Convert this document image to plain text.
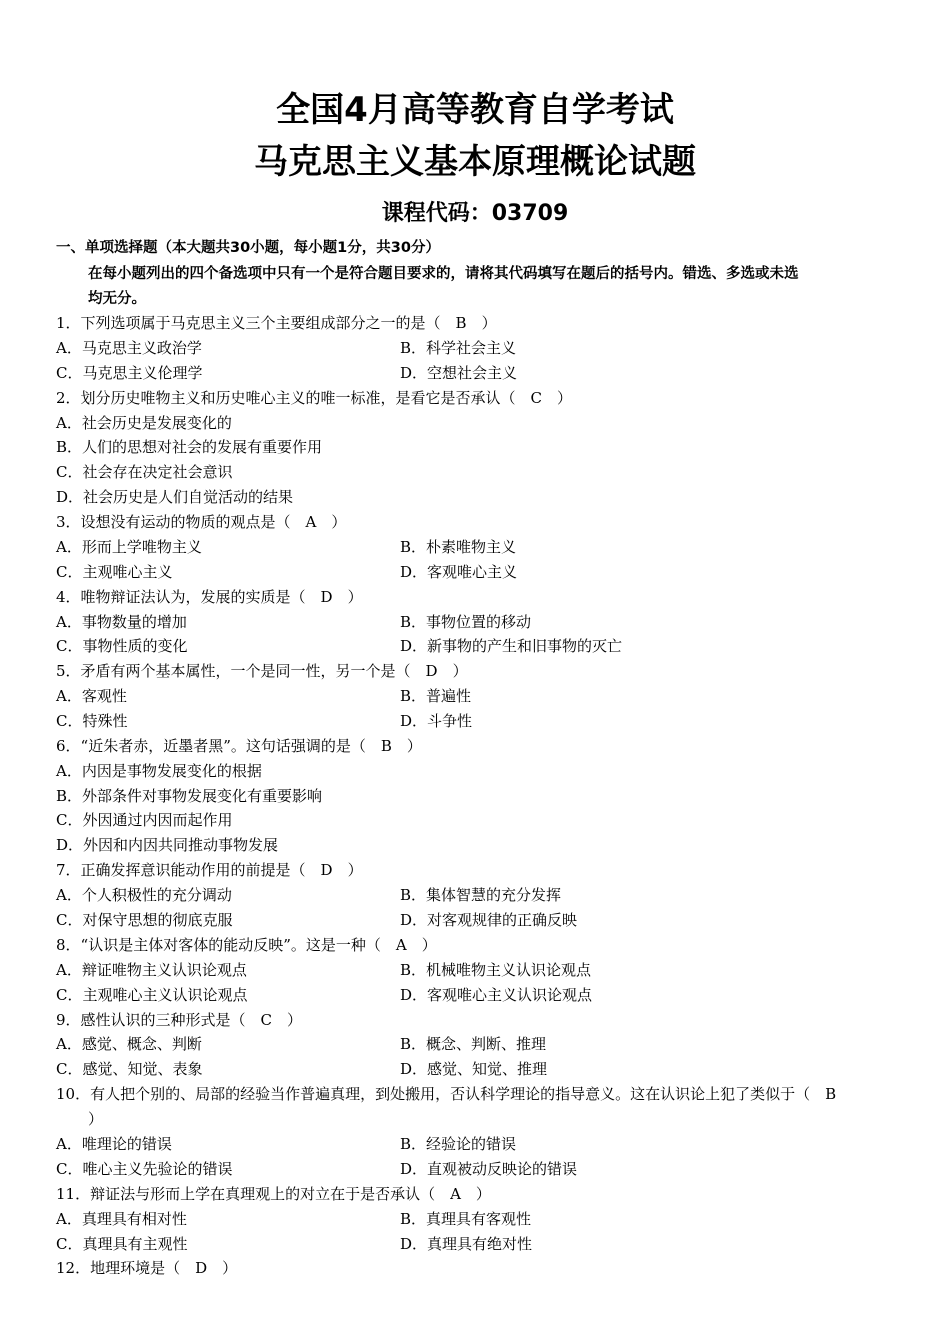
全国4月高等教育自学考试
马克思主义基本原理概论试题
课程代码：03709
一、单项选择题（本大题共30小题，每小题1分，共30分）
在每小题列出的四个备选项中只有一个是符合题目要求的，请将其代码填写在题后的括号内。错选、多选或未选
均无分。
1．下列选项属于马克思主义三个主要组成部分之一的是（　B　）
A．马克思主义政治学	B．科学社会主义
C．马克思主义伦理学	D．空想社会主义
2．划分历史唯物主义和历史唯心主义的唯一标准，是看它是否承认（　C　）
A．社会历史是发展变化的
B．人们的思想对社会的发展有重要作用
C．社会存在决定社会意识
D．社会历史是人们自觉活动的结果
3．设想没有运动的物质的观点是（　A　）
A．形而上学唯物主义	B．朴素唯物主义
C．主观唯心主义	D．客观唯心主义
4．唯物辩证法认为，发展的实质是（　D　）
A．事物数量的增加	B．事物位置的移动
C．事物性质的变化	D．新事物的产生和旧事物的灭亡
5．矛盾有两个基本属性，一个是同一性，另一个是（　D　）
A．客观性	B．普遍性
C．特殊性	D．斗争性
6．“近朱者赤，近墨者黑”。这句话强调的是（　B　）
A．内因是事物发展变化的根据
B．外部条件对事物发展变化有重要影响
C．外因通过内因而起作用
D．外因和内因共同推动事物发展
7．正确发挥意识能动作用的前提是（　D　）
A．个人积极性的充分调动	B．集体智慧的充分发挥
C．对保守思想的彻底克服	D．对客观规律的正确反映
8．“认识是主体对客体的能动反映”。这是一种（　A　）
A．辩证唯物主义认识论观点	B．机械唯物主义认识论观点
C．主观唯心主义认识论观点	D．客观唯心主义认识论观点
9．感性认识的三种形式是（　C　）
A．感觉、概念、判断	B．概念、判断、推理
C．感觉、知觉、表象	D．感觉、知觉、推理
10．有人把个别的、局部的经验当作普遍真理，到处搬用，否认科学理论的指导意义。这在认识论上犯了类似于（　B
）
A．唯理论的错误	B．经验论的错误
C．唯心主义先验论的错误	D．直观被动反映论的错误
11．辩证法与形而上学在真理观上的对立在于是否承认（　A　）
A．真理具有相对性	B．真理具有客观性
C．真理具有主观性	D．真理具有绝对性
12．地理环境是（　D　）
